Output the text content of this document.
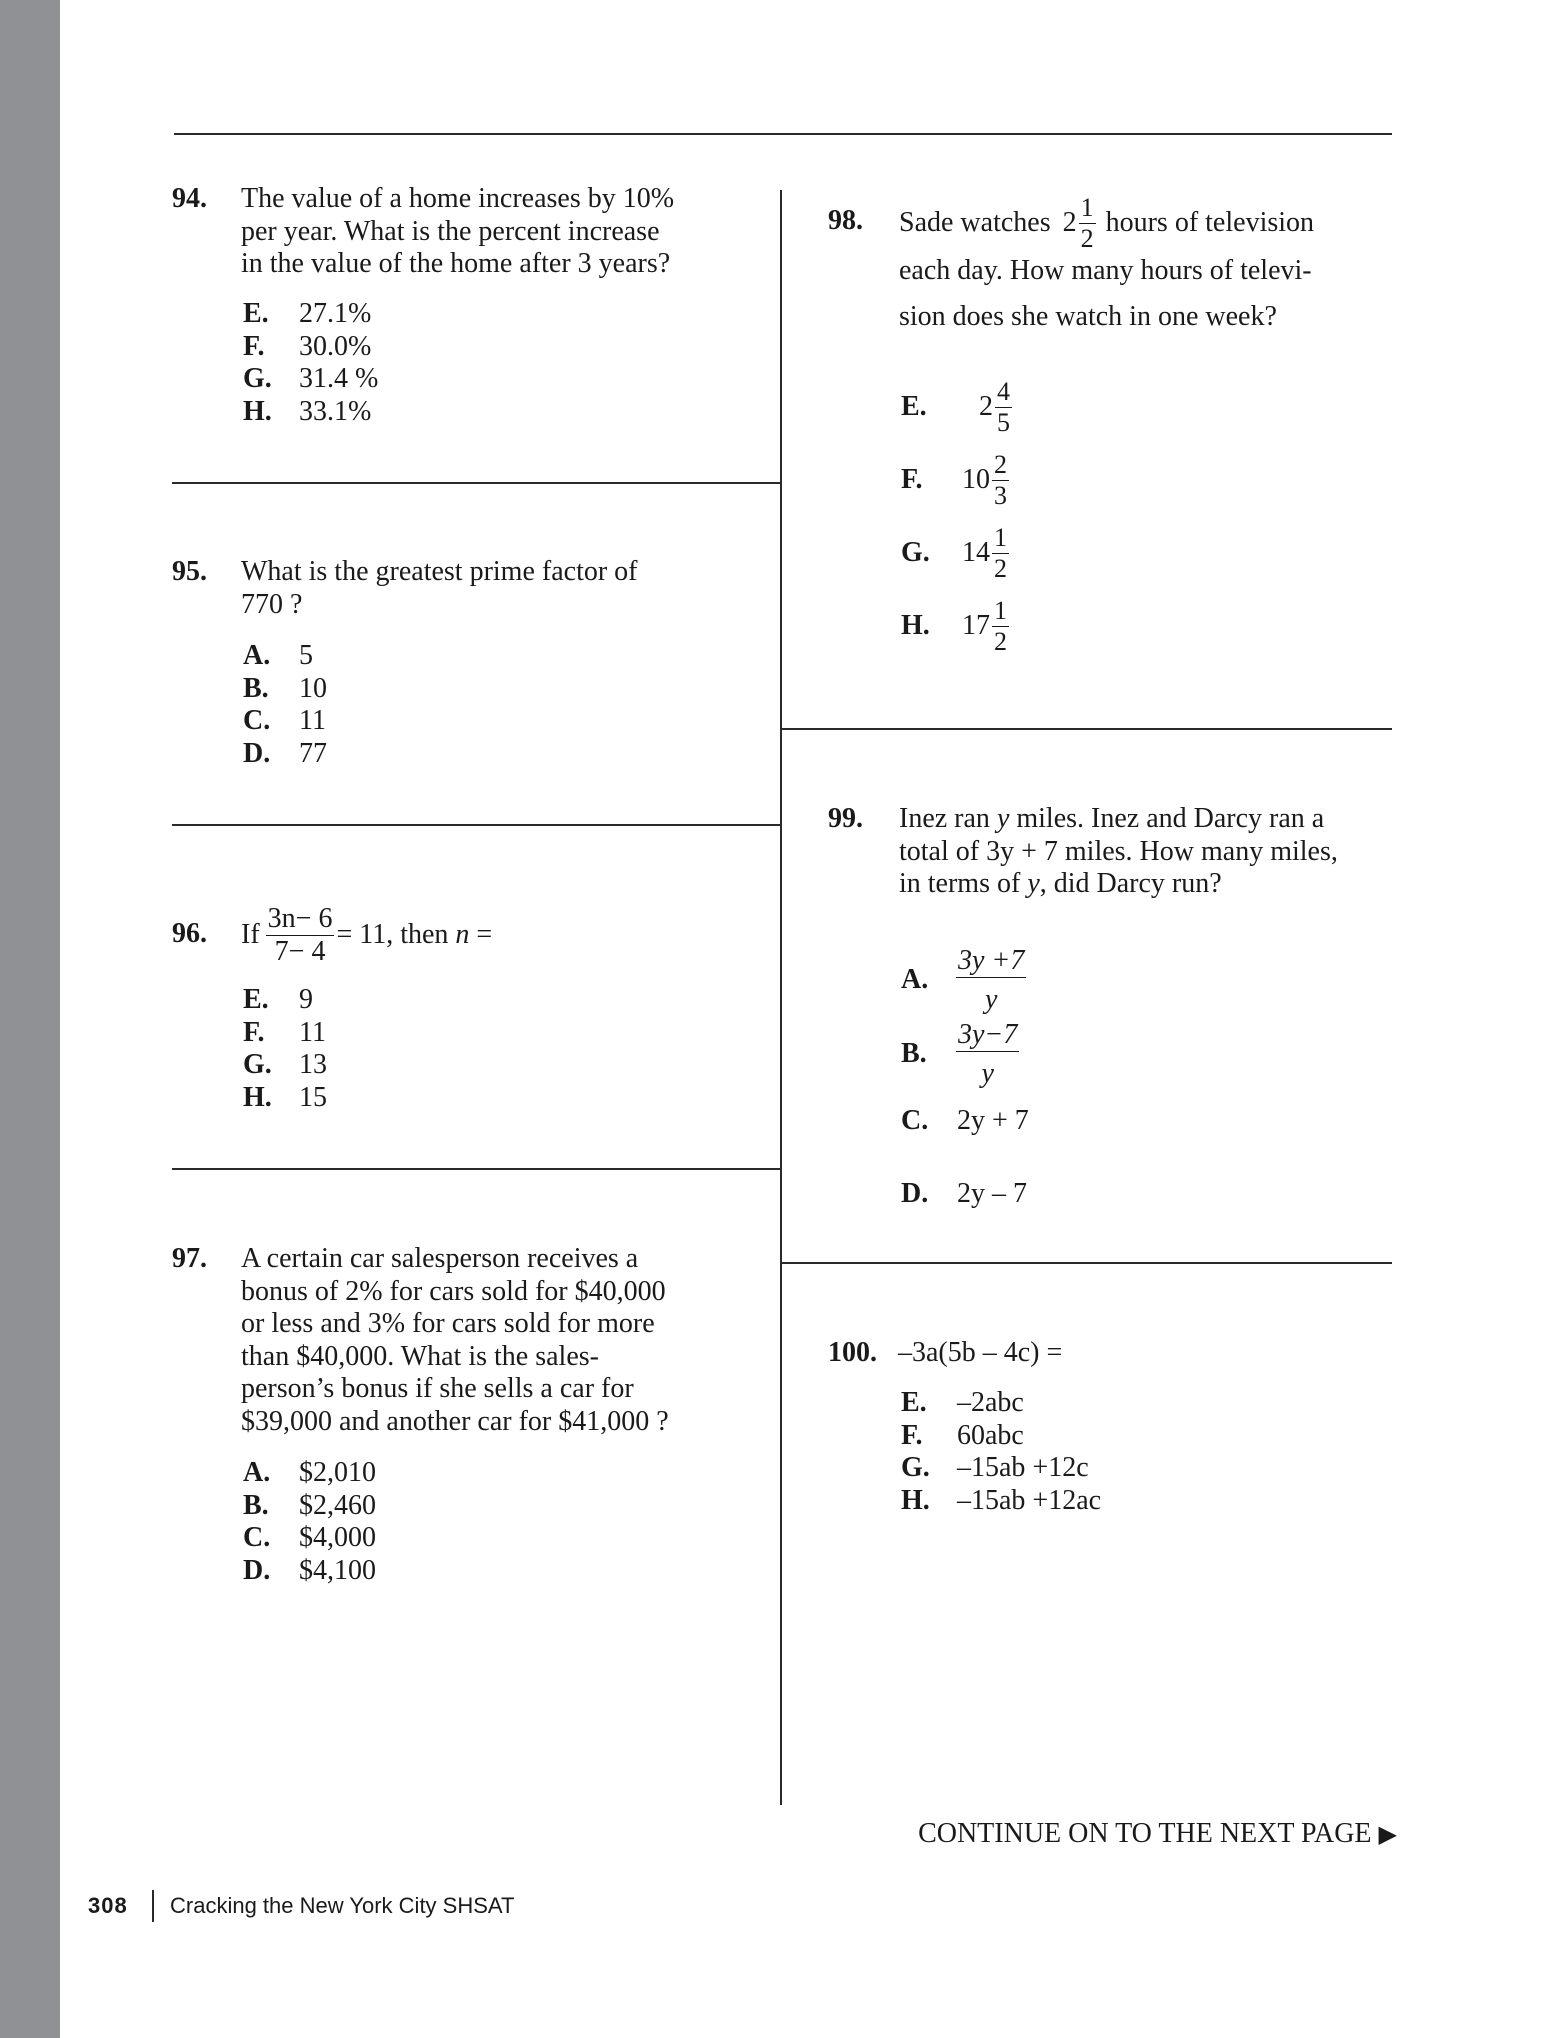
94. The value of a home increases by 10%
per year. What is the percent increase
in the value of the home after 3 years?
E. 27.1%
F. 30.0%
G. 31.4 %
H. 33.1%
95. What is the greatest prime factor of
770 ?
A. 5
B. 10
C. 11
D. 77
96. If $\frac{3n- 6}{7- 4} = 11$, then
n
=
E. 9
F. 11
G. 13
H. 15
97. A certain car salesperson receives a
bonus of 2% for cars sold for $40,000
or less and 3% for cars sold for more
than $40,000. What is the sales-
person’s bonus if she sells a car for
$39,000 and another car for $41,000 ?
A. $2,010
B. $2,460
C. $4,000
D. $4,100
98. Sade watches $2 \frac{1}{2}$ hours of television
each day. How many hours of televi-
sion does she watch in one week?
E.	$2 \frac{4}{5}$
F.	$10 \frac{2}{3}$
G.	$14 \frac{1}{2}$
H.	$17 \frac{1}{2}$
99. Inez ran y miles. Inez and Darcy ran a
total of 3y + 7 miles. How many miles,
in terms of y, did Darcy run?
A. $\frac{3y +7}{y}$
B.	$\frac{3y-7}{y}$
C.	2y + 7
D.	2y – 7
100. –3a(5b – 4c) =
E. –2abc
F. 60abc
G. –15ab +12c
H. –15ab +12ac
CONTINUE ON TO THE NEXT PAGE ▶
308 Cracking the New York City SHSAT
